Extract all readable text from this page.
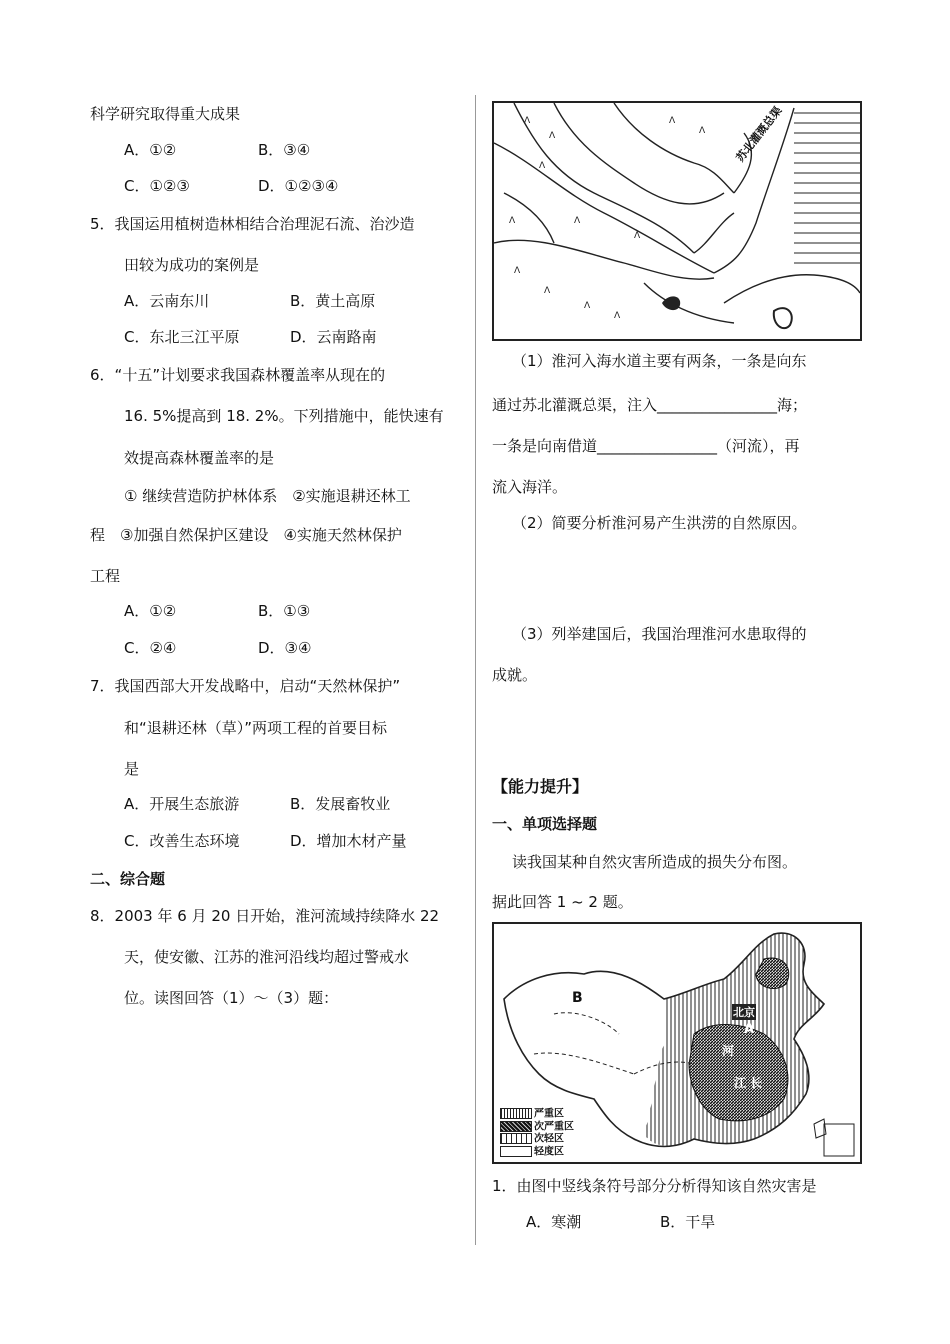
科学研究取得重大成果
A．①②	B．③④
C．①②③	D．①②③④
5．我国运用植树造林相结合治理泥石流、治沙造
田较为成功的案例是
A．云南东川	B．黄土高原
C．东北三江平原	D．云南路南
6．“十五”计划要求我国森林覆盖率从现在的
16. 5%提高到 18. 2%。下列措施中，能快速有
效提高森林覆盖率的是
① 继续营造防护林体系　②实施退耕还林工
程　③加强自然保护区建设　④实施天然林保护
工程
A．①②	B．①③
C．②④	D．③④
7．我国西部大开发战略中，启动“天然林保护”
和“退耕还林（草）”两项工程的首要目标
是
A．开展生态旅游	B．发展畜牧业
C．改善生态环境	D．增加木材产量
二、综合题
8．2003 年 6 月 20 日开始，淮河流域持续降水 22
天，使安徽、江苏的淮河沿线均超过警戒水
位。读图回答（1）～（3）题：
ᐱ
ᐱ
ᐱ
ᐱ
ᐱ
ᐱ
ᐱ
ᐱ
ᐱ
ᐱ
ᐱ
ᐱ
苏北灌溉总渠
（1）淮河入海水道主要有两条，一条是向东
通过苏北灌溉总渠，注入________________海；
一条是向南借道________________（河流），再
流入海洋。
（2）简要分析淮河易产生洪涝的自然原因。
（3）列举建国后，我国治理淮河水患取得的
成就。
【能力提升】
一、单项选择题
读我国某种自然灾害所造成的损失分布图。
据此回答 1 ~ 2 题。
B
北京
A
河
江 长
严重区
次严重区
次轻区
轻度区
1．由图中竖线条符号部分分析得知该自然灾害是
A．寒潮	B．干旱
